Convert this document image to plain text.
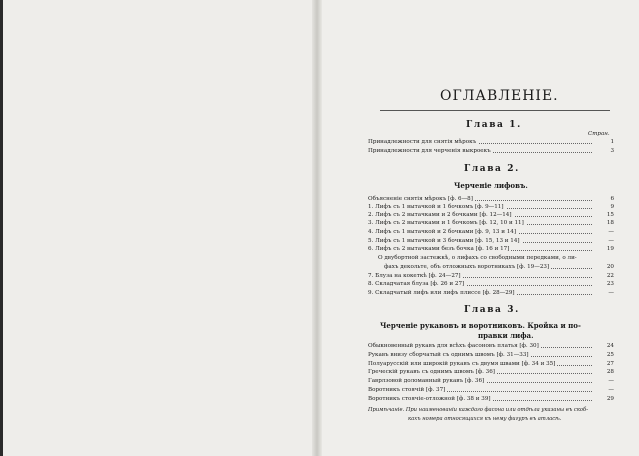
ОГЛАВЛЕНІЕ.
Глава 1.
Стран.
Принадлежности для снятія мѣрокъ	1
Принадлежности для черченія выкроекъ	3
Глава 2.
Черченіе лифовъ.
Объясненіе снятія мѣрокъ [ф. 6—8]	6
1. Лифъ съ 1 вытачкой и 1 бочкомъ [ф. 9—11]	9
2. Лифъ съ 2 вытачками и 2 бочками [ф. 12—14]	15
3. Лифъ съ 2 вытачками и 1 бочкомъ [ф. 12, 10 и 11]	18
4. Лифъ съ 1 вытачкой и 2 бочками [ф. 9, 13 и 14]	—
5. Лифъ съ 1 вытачкой и 3 бочками [ф. 15, 13 и 14]	—
6. Лифъ съ 2 вытачками безъ бочка [ф. 16 и 17]	19
О двубортной застежкѣ, о лифахъ со свободными передками, о ли-
фахъ декольте, объ отложныхъ воротникахъ [ф. 19—23]	20
7. Блуза на кокеткѣ [ф. 24—27]	22
8. Складчатая блуза [ф. 26 и 27]	23
9. Складчатый лифъ или лифъ плиссе [ф. 28—29]	—
Глава 3.
Черченіе рукавовъ и воротниковъ. Кройка и по-
правки лифа.
Обыкновенный рукавъ для всѣхъ фасоновъ платья [ф. 30]	24
Рукавъ внизу сборчатый съ однимъ швомъ [ф. 31—33]	25
Полуарусскій или широкій рукавъ съ двумя швами [ф. 34 и 35]	27
Греческій рукавъ съ однимъ швомъ [ф. 36]	28
Гаврлзовой доломанный рукавъ [ф. 36]	—
Воротникъ стоячій [ф. 37]	—
Воротникъ стоячіе-отложной [ф. 38 и 39]	29
Примѣчаніе. При наименованіи каждаго фасона или отдѣла указаны въ скоб-
кахъ номера относящихся къ нему фигуръ въ атласѣ.
